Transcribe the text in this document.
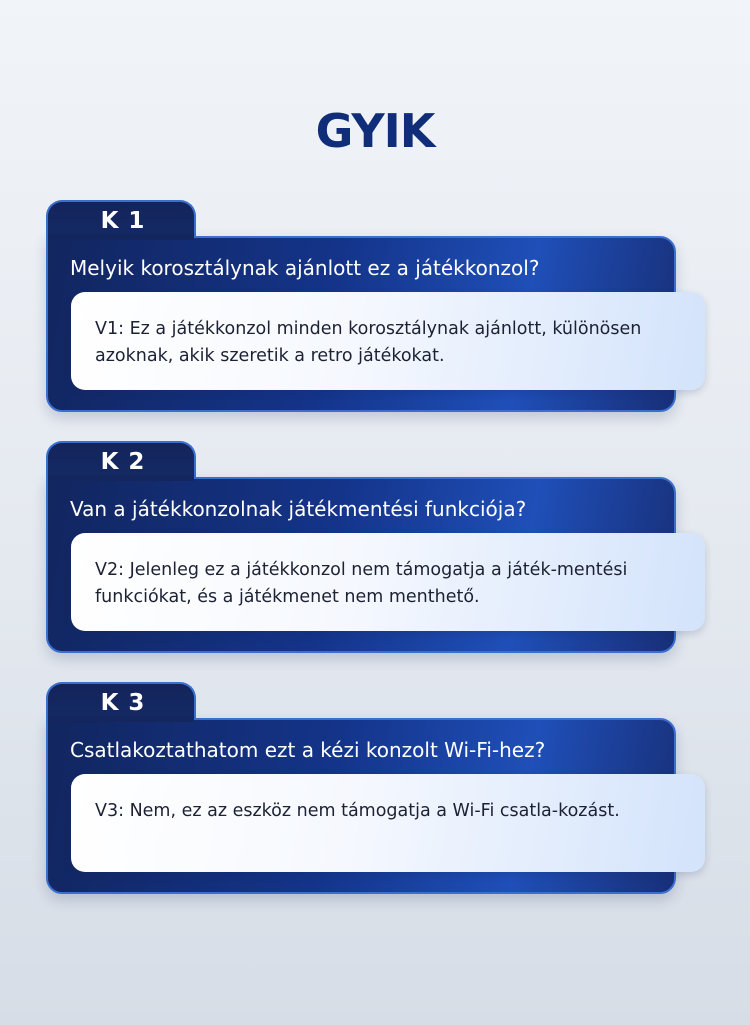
GYIK
K 1
Melyik korosztálynak ajánlott ez a játékkonzol?
V1: Ez a játékkonzol minden korosztálynak ajánlott, különösen azoknak, akik szeretik a retro játékokat.
K 2
Van a játékkonzolnak játékmentési funkciója?
V2: Jelenleg ez a játékkonzol nem támogatja a játék-mentési funkciókat, és a játékmenet nem menthető.
K 3
Csatlakoztathatom ezt a kézi konzolt Wi-Fi-hez?
V3: Nem, ez az eszköz nem támogatja a Wi-Fi csatla-kozást.
